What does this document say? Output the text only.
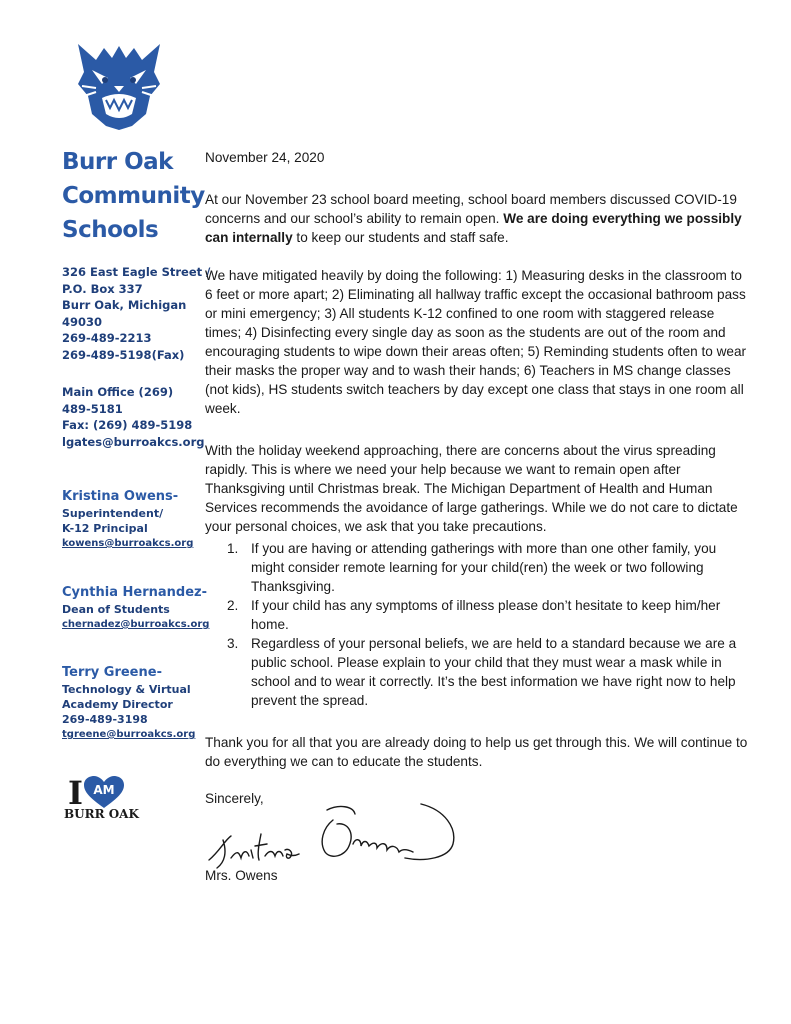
Burr Oak
Community
Schools
326 East Eagle Street /
P.O. Box 337
Burr Oak, Michigan
49030
269-489-2213
269-489-5198(Fax)
Main Office (269)
489-5181
Fax: (269) 489-5198
lgates@burroakcs.org
Kristina Owens-
Superintendent/
K-12 Principal
kowens@burroakcs.org
Cynthia Hernandez-
Dean of Students
chernadez@burroakcs.org
Terry Greene-
Technology & Virtual
Academy Director
269-489-3198
tgreene@burroakcs.org
I AM
BURR OAK
November 24, 2020
At our November 23 school board meeting, school board members discussed COVID-19 concerns and our school’s ability to remain open. We are doing everything we possibly can internally to keep our students and staff safe.
We have mitigated heavily by doing the following: 1) Measuring desks in the classroom to 6 feet or more apart; 2) Eliminating all hallway traffic except the occasional bathroom pass or mini emergency; 3) All students K-12 confined to one room with staggered release times; 4) Disinfecting every single day as soon as the students are out of the room and encouraging students to wipe down their areas often; 5) Reminding students often to wear their masks the proper way and to wash their hands; 6) Teachers in MS change classes (not kids), HS students switch teachers by day except one class that stays in one room all week.
With the holiday weekend approaching, there are concerns about the virus spreading rapidly. This is where we need your help because we want to remain open after Thanksgiving until Christmas break. The Michigan Department of Health and Human Services recommends the avoidance of large gatherings. While we do not care to dictate your personal choices, we ask that you take precautions.
1. If you are having or attending gatherings with more than one other family, you might consider remote learning for your child(ren) the week or two following Thanksgiving.
2. If your child has any symptoms of illness please don’t hesitate to keep him/her home.
3. Regardless of your personal beliefs, we are held to a standard because we are a public school. Please explain to your child that they must wear a mask while in school and to wear it correctly. It’s the best information we have right now to help prevent the spread.
Thank you for all that you are already doing to help us get through this. We will continue to do everything we can to educate the students.
Sincerely,
Mrs. Owens
